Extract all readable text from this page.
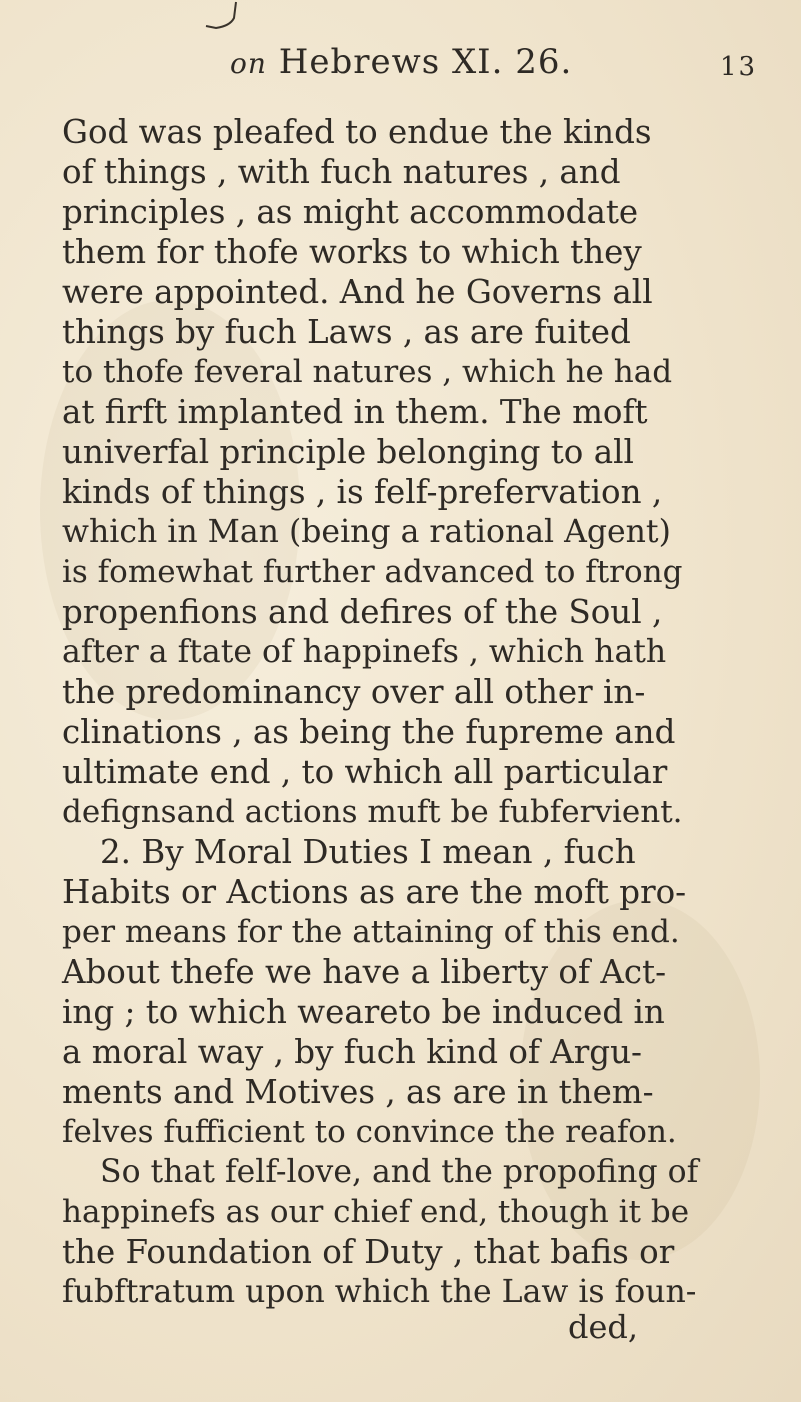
on Hebrews XI. 26.	13
God was pleafed to endue the kinds
of things , with fuch natures , and
principles , as might accommodate
them for thofe works to which they
were appointed. And he Governs all
things by fuch Laws , as are fuited
to thofe feveral natures , which he had
at firft implanted in them. The moft
univerfal principle belonging to all
kinds of things , is felf-prefervation ,
which in Man (being a rational Agent)
is fomewhat further advanced to ftrong
propenfions and defires of the Soul ,
after a ftate of happinefs , which hath
the predominancy over all other in-
clinations , as being the fupreme and
ultimate end , to which all particular
defignsand actions muft be fubfervient.
2. By Moral Duties I mean , fuch
Habits or Actions as are the moft pro-
per means for the attaining of this end.
About thefe we have a liberty of Act-
ing ; to which weareto be induced in
a moral way , by fuch kind of Argu-
ments and Motives , as are in them-
felves fufficient to convince the reafon.
So that felf-love, and the propofing of
happinefs as our chief end, though it be
the Foundation of Duty , that bafis or
fubftratum upon which the Law is foun-
ded,
